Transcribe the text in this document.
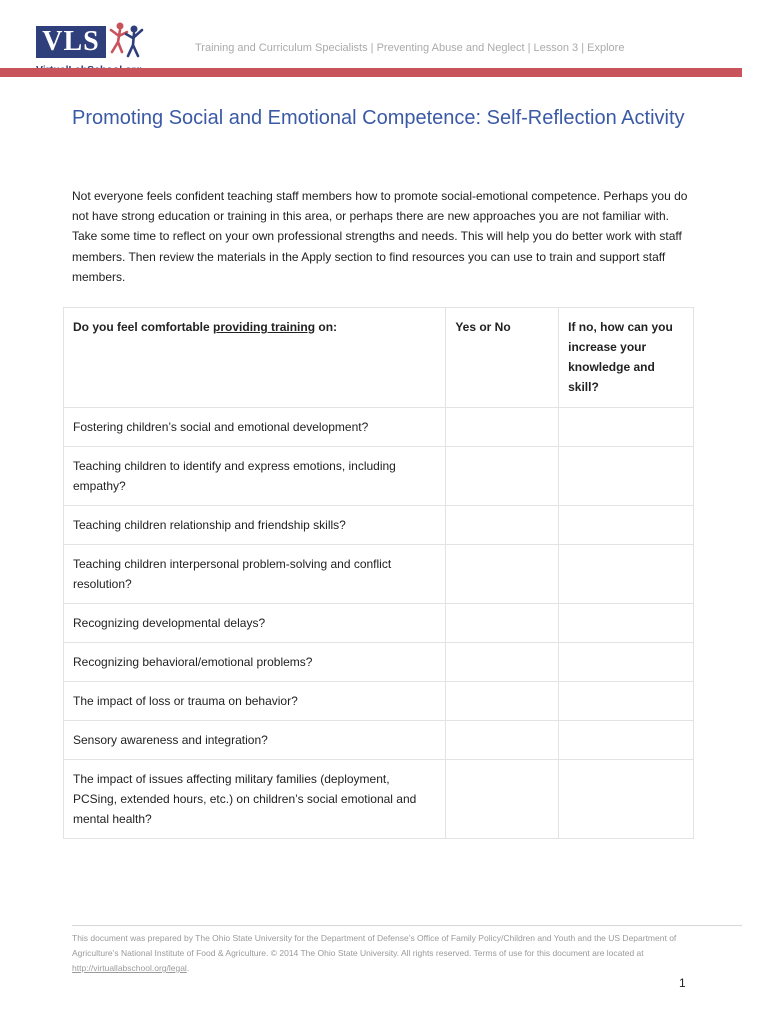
VLS	Training and Curriculum Specialists | Preventing Abuse and Neglect | Lesson 3 | Explore
Promoting Social and Emotional Competence: Self-Reflection Activity

Not everyone feels confident teaching staff members how to promote social-emotional competence. Perhaps you do not have strong education or training in this area, or perhaps there are new approaches you are not familiar with. Take some time to reflect on your own professional strengths and needs. This will help you do better work with staff members. Then review the materials in the Apply section to find resources you can use to train and support staff members.

Do you feel comfortable providing training on:	Yes or No	If no, how can you increase your knowledge and skill?
Fostering children’s social and emotional development?		
Teaching children to identify and express emotions, including empathy?		
Teaching children relationship and friendship skills?		
Teaching children interpersonal problem-solving and conflict resolution?		
Recognizing developmental delays?		
Recognizing behavioral/emotional problems?		
The impact of loss or trauma on behavior?		
Sensory awareness and integration?		
The impact of issues affecting military families (deployment, PCSing, extended hours, etc.) on children’s social emotional and mental health?		

This document was prepared by The Ohio State University for the Department of Defense’s Office of Family Policy/Children and Youth and the US Department of Agriculture’s National Institute of Food & Agriculture. © 2014 The Ohio State University. All rights reserved. Terms of use for this document are located at http://virtuallabschool.org/legal.

1
